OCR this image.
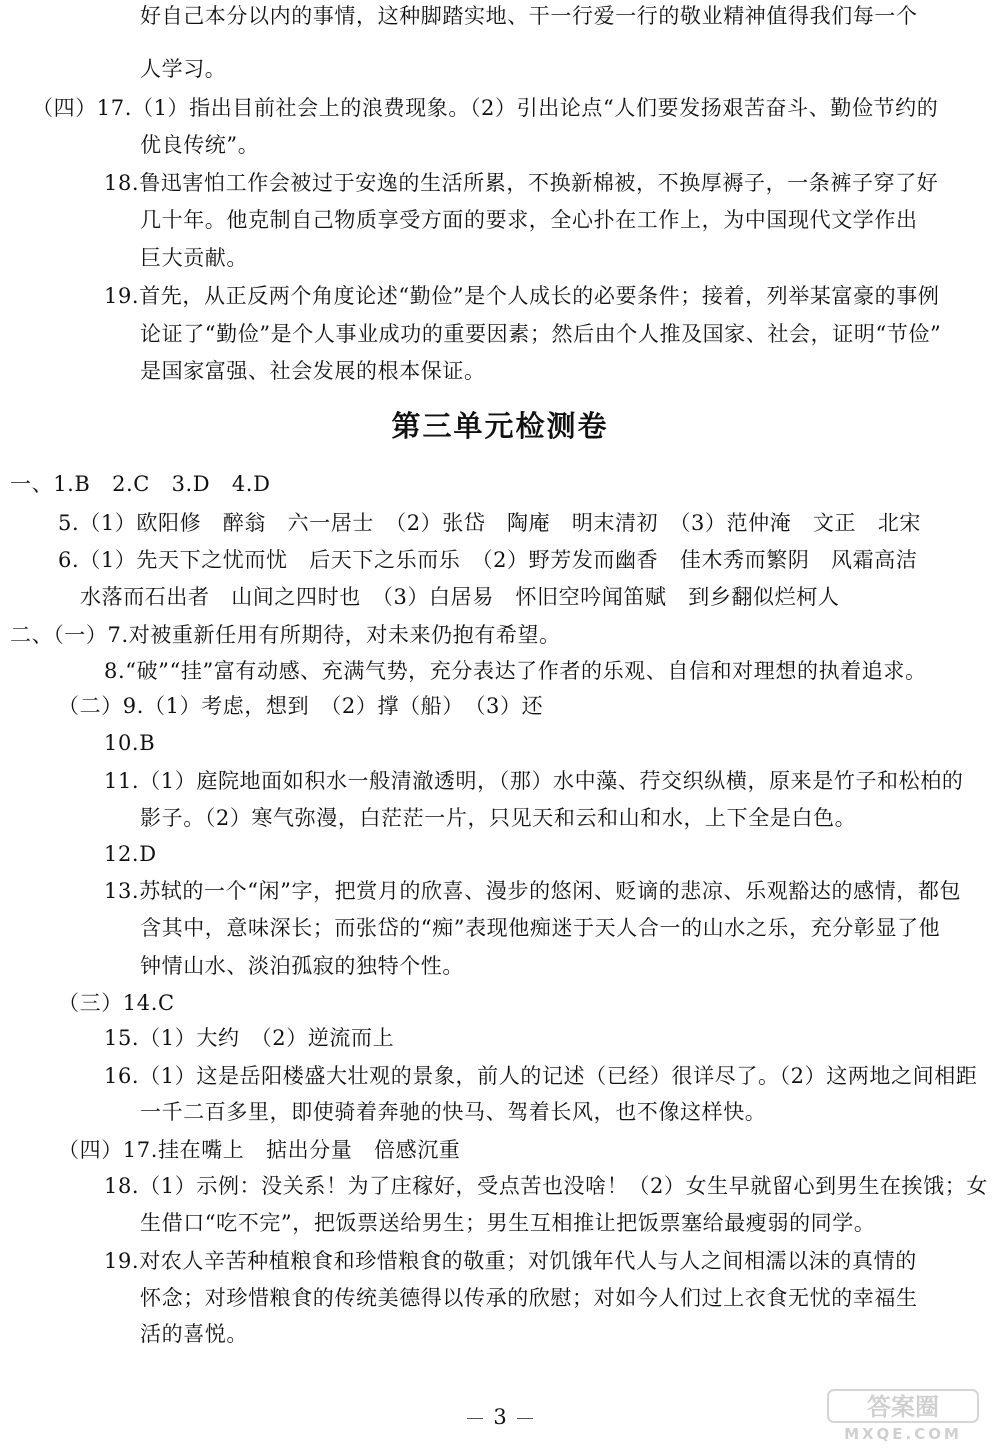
好自己本分以内的事情，这种脚踏实地、干一行爱一行的敬业精神值得我们每一个
人学习。
（四）17.（1）指出目前社会上的浪费现象。（2）引出论点“人们要发扬艰苦奋斗、勤俭节约的
优良传统”。
18.鲁迅害怕工作会被过于安逸的生活所累，不换新棉被，不换厚褥子，一条裤子穿了好
几十年。他克制自己物质享受方面的要求，全心扑在工作上，为中国现代文学作出
巨大贡献。
19.首先，从正反两个角度论述“勤俭”是个人成长的必要条件；接着，列举某富豪的事例
论证了“勤俭”是个人事业成功的重要因素；然后由个人推及国家、社会，证明“节俭”
是国家富强、社会发展的根本保证。
第三单元检测卷
一、1.B　2.C　3.D　4.D
5.（1）欧阳修　醉翁　六一居士　（2）张岱　陶庵　明末清初　（3）范仲淹　文正　北宋
6.（1）先天下之忧而忧　后天下之乐而乐　（2）野芳发而幽香　佳木秀而繁阴　风霜高洁
水落而石出者　山间之四时也　（3）白居易　怀旧空吟闻笛赋　到乡翻似烂柯人
二、（一）7.对被重新任用有所期待，对未来仍抱有希望。
8.“破”“挂”富有动感、充满气势，充分表达了作者的乐观、自信和对理想的执着追求。
（二）9.（1）考虑，想到　（2）撑（船）　（3）还
10.B
11.（1）庭院地面如积水一般清澈透明，（那）水中藻、荇交织纵横，原来是竹子和松柏的
影子。（2）寒气弥漫，白茫茫一片，只见天和云和山和水，上下全是白色。
12.D
13.苏轼的一个“闲”字，把赏月的欣喜、漫步的悠闲、贬谪的悲凉、乐观豁达的感情，都包
含其中，意味深长；而张岱的“痴”表现他痴迷于天人合一的山水之乐，充分彰显了他
钟情山水、淡泊孤寂的独特个性。
（三）14.C
15.（1）大约　（2）逆流而上
16.（1）这是岳阳楼盛大壮观的景象，前人的记述（已经）很详尽了。（2）这两地之间相距
一千二百多里，即使骑着奔驰的快马、驾着长风，也不像这样快。
（四）17.挂在嘴上　掂出分量　倍感沉重
18.（1）示例：没关系！为了庄稼好，受点苦也没啥！（2）女生早就留心到男生在挨饿；女
生借口“吃不完”，把饭票送给男生；男生互相推让把饭票塞给最瘦弱的同学。
19.对农人辛苦种植粮食和珍惜粮食的敬重；对饥饿年代人与人之间相濡以沫的真情的
怀念；对珍惜粮食的传统美德得以传承的欣慰；对如今人们过上衣食无忧的幸福生
活的喜悦。
3	答案圈
MXQE.COM
